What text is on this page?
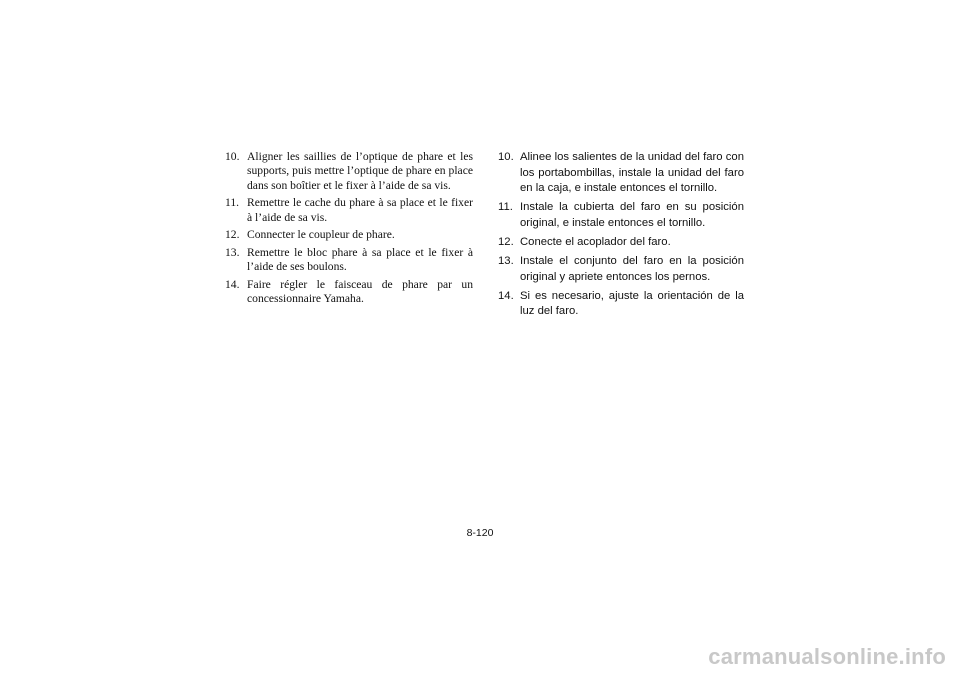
10. Aligner les saillies de l’optique de phare et les supports, puis mettre l’optique de phare en place dans son boîtier et le fixer à l’aide de sa vis.
11. Remettre le cache du phare à sa place et le fixer à l’aide de sa vis.
12. Connecter le coupleur de phare.
13. Remettre le bloc phare à sa place et le fixer à l’aide de ses boulons.
14. Faire régler le faisceau de phare par un concessionnaire Yamaha.
10. Alinee los salientes de la unidad del faro con los portabombillas, instale la unidad del faro en la caja, e instale entonces el tornillo.
11. Instale la cubierta del faro en su posición original, e instale entonces el tornillo.
12. Conecte el acoplador del faro.
13. Instale el conjunto del faro en la posición original y apriete entonces los pernos.
14. Si es necesario, ajuste la orientación de la luz del faro.
8-120
carmanualsonline.info
